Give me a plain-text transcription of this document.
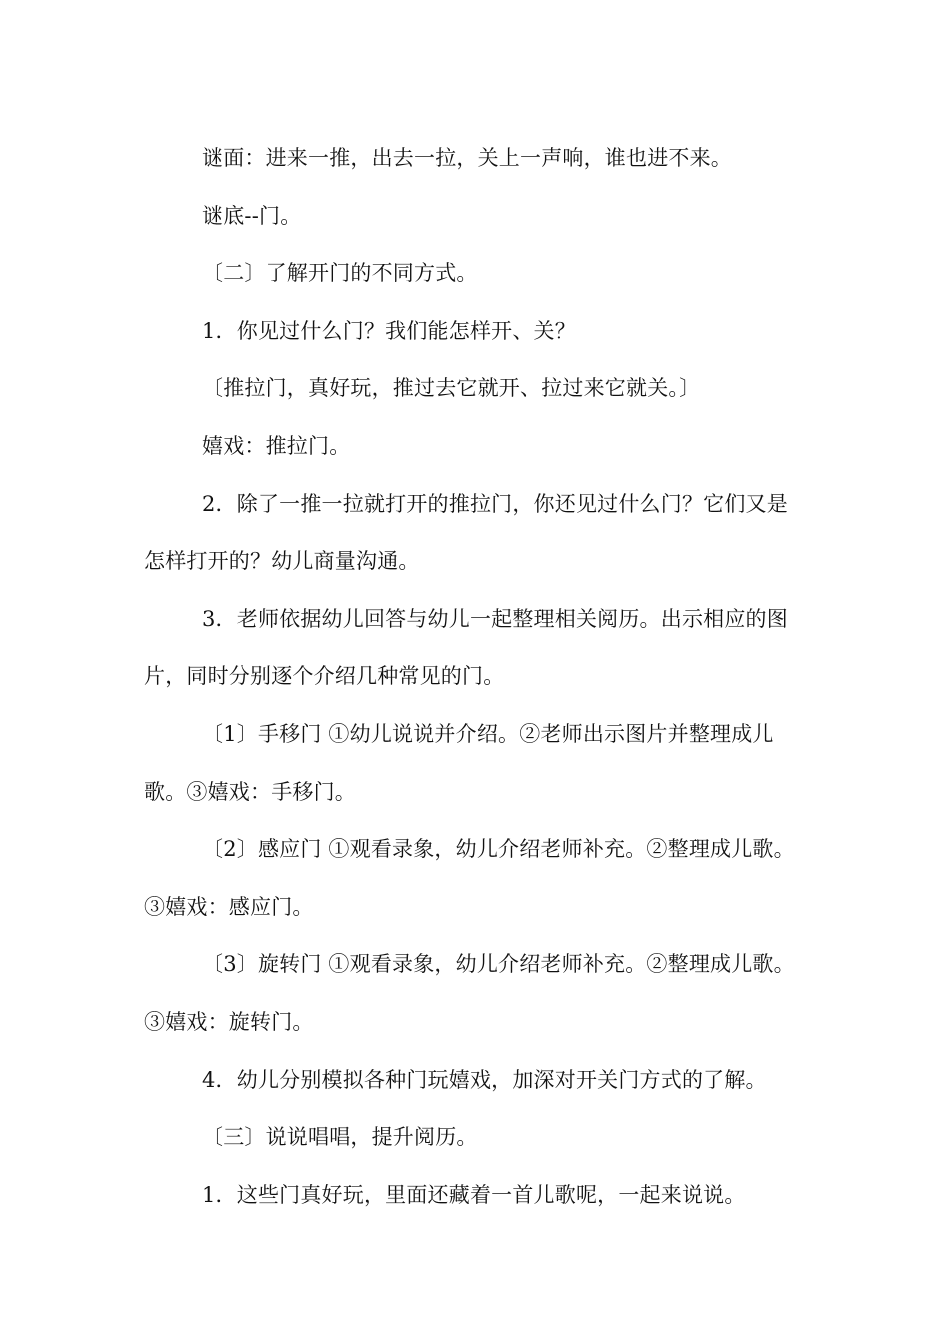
谜面：进来一推，出去一拉，关上一声响，谁也进不来。

谜底--门。

〔二〕了解开门的不同方式。

1．你见过什么门？我们能怎样开、关？

〔推拉门，真好玩，推过去它就开、拉过来它就关。〕

嬉戏：推拉门。

2．除了一推一拉就打开的推拉门，你还见过什么门？它们又是怎样打开的？幼儿商量沟通。

3．老师依据幼儿回答与幼儿一起整理相关阅历。出示相应的图片，同时分别逐个介绍几种常见的门。

〔1〕手移门 ①幼儿说说并介绍。②老师出示图片并整理成儿歌。③嬉戏：手移门。

〔2〕感应门 ①观看录象，幼儿介绍老师补充。②整理成儿歌。③嬉戏：感应门。

〔3〕旋转门 ①观看录象，幼儿介绍老师补充。②整理成儿歌。③嬉戏：旋转门。

4．幼儿分别模拟各种门玩嬉戏，加深对开关门方式的了解。

〔三〕说说唱唱，提升阅历。

1．这些门真好玩，里面还藏着一首儿歌呢，一起来说说。
